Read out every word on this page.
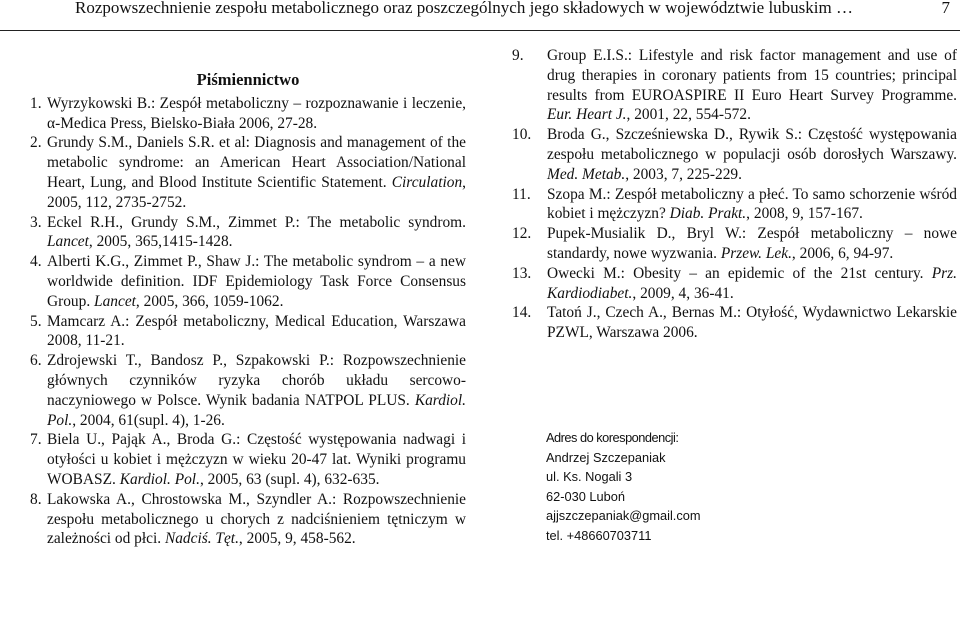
Rozpowszechnienie zespołu metabolicznego oraz poszczególnych jego składowych w województwie lubuskim …	7
Piśmiennictwo

1. Wyrzykowski B.: Zespół metaboliczny – rozpoznawanie i leczenie, α-Medica Press, Bielsko-Biała 2006, 27-28.

2. Grundy S.M., Daniels S.R. et al: Diagnosis and management of the metabolic syndrome: an American Heart Association/National Heart, Lung, and Blood Institute Scientific Statement. Circulation, 2005, 112, 2735-2752.

3. Eckel R.H., Grundy S.M., Zimmet P.: The metabolic syndrom. Lancet, 2005, 365,1415-1428.

4. Alberti K.G., Zimmet P., Shaw J.: The metabolic syndrom – a new worldwide definition. IDF Epidemiology Task Force Consensus Group. Lancet, 2005, 366, 1059-1062.

5. Mamcarz A.: Zespół metaboliczny, Medical Education, Warszawa 2008, 11-21.

6. Zdrojewski T., Bandosz P., Szpakowski P.: Rozpowszechnienie głównych czynników ryzyka chorób układu sercowo-naczyniowego w Polsce. Wynik badania NATPOL PLUS. Kardiol. Pol., 2004, 61(supl. 4), 1-26.

7. Biela U., Pająk A., Broda G.: Częstość występowania nadwagi i otyłości u kobiet i mężczyzn w wieku 20-47 lat. Wyniki programu WOBASZ. Kardiol. Pol., 2005, 63 (supl. 4), 632-635.

8. Lakowska A., Chrostowska M., Szyndler A.: Rozpowszechnienie zespołu metabolicznego u chorych z nadciśnieniem tętniczym w zależności od płci. Nadciś. Tęt., 2005, 9, 458-562.

9. Group E.I.S.: Lifestyle and risk factor management and use of drug therapies in coronary patients from 15 countries; principal results from EUROASPIRE II Euro Heart Survey Programme. Eur. Heart J., 2001, 22, 554-572.

10. Broda G., Szcześniewska D., Rywik S.: Częstość występowania zespołu metabolicznego w populacji osób dorosłych Warszawy. Med. Metab., 2003, 7, 225-229.

11. Szopa M.: Zespół metaboliczny a płeć. To samo schorzenie wśród kobiet i mężczyzn? Diab. Prakt., 2008, 9, 157-167.

12. Pupek-Musialik D., Bryl W.: Zespół metaboliczny – nowe standardy, nowe wyzwania. Przew. Lek., 2006, 6, 94-97.

13. Owecki M.: Obesity – an epidemic of the 21st century. Prz. Kardiodiabet., 2009, 4, 36-41.

14. Tatoń J., Czech A., Bernas M.: Otyłość, Wydawnictwo Lekarskie PZWL, Warszawa 2006.

Adres do korespondencji:
Andrzej Szczepaniak
ul. Ks. Nogali 3
62-030 Luboń
ajjszczepaniak@gmail.com
tel. +48660703711
